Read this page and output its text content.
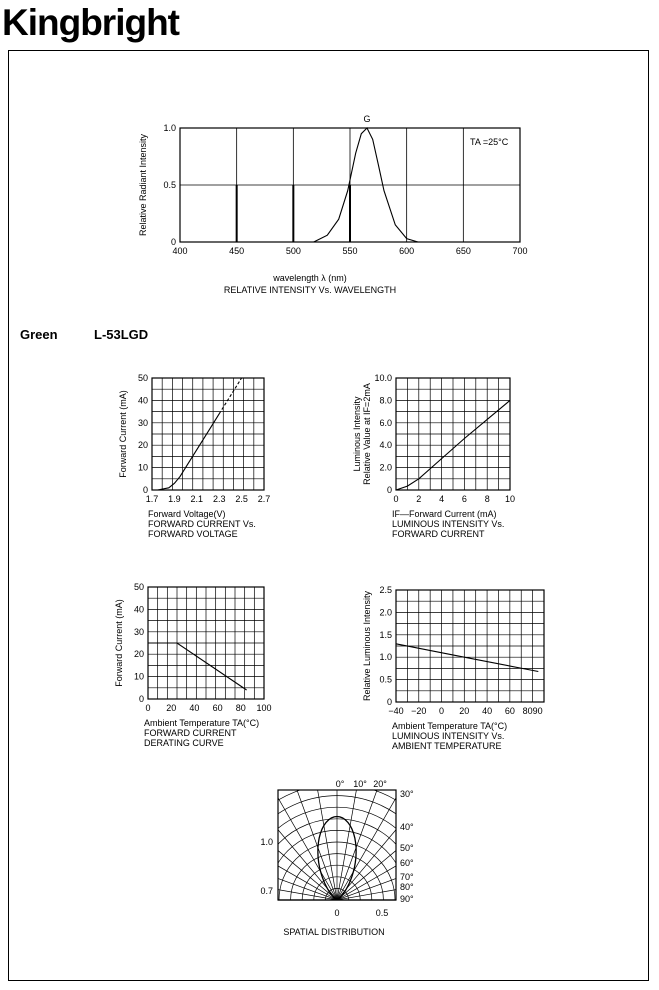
Kingbright
Green	L-53LGD
400	450	500	550	600	650	700
0
0.5
1.0
G
Relative Radiant Intensity
wavelength λ (nm)
RELATIVE INTENSITY Vs. WAVELENGTH
TA =25°C
1.7 1.9 2.1 2.3 2.5 2.7
0
10
20
30
40
50
Forward Current (mA)
Forward Voltage(V)
FORWARD CURRENT Vs.
FORWARD VOLTAGE
0 2 4 6 8 10
0
2.0
4.0
6.0
8.0
10.0
Luminous Intensity Relative Value at IF=2mA
IF—Forward Current (mA)
LUMINOUS INTENSITY Vs.
FORWARD CURRENT
0 20 40 60 80 100
0
10
20
30
40
50
Forward Current (mA)
Ambient Temperature TA(°C)
FORWARD CURRENT
DERATING CURVE
−40 −20 0 20 40 60 8090
0
0.5
1.0
1.5
2.0
2.5
Relative Luminous Intensity
Ambient Temperature TA(°C)
LUMINOUS INTENSITY Vs.
AMBIENT TEMPERATURE
0° 10° 20°
30°
40°
50°
60°
70°
80°
90°
0	0.5
1.0
0.7
SPATIAL DISTRIBUTION
